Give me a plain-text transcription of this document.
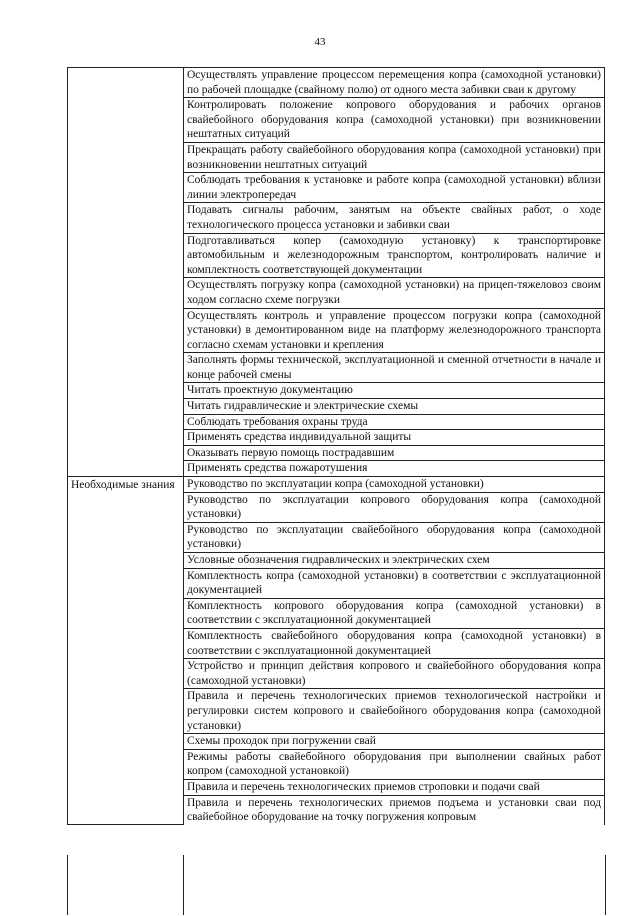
43
	Осуществлять управление процессом перемещения копра (самоходной установки) по рабочей площадке (свайному полю) от одного места забивки сваи к другому
	Контролировать положение копрового оборудования и рабочих органов свайебойного оборудования копра (самоходной установки) при возникновении нештатных ситуаций
	Прекращать работу свайебойного оборудования копра (самоходной установки) при возникновении нештатных ситуаций
	Соблюдать требования к установке и работе копра (самоходной установки) вблизи линии электропередач
	Подавать сигналы рабочим, занятым на объекте свайных работ, о ходе технологического процесса установки и забивки сваи
	Подготавливаться копер (самоходную установку) к транспортировке автомобильным и железнодорожным транспортом, контролировать наличие и комплектность соответствующей документации
	Осуществлять погрузку копра (самоходной установки) на прицеп-тяжеловоз своим ходом согласно схеме погрузки
	Осуществлять контроль и управление процессом погрузки копра (самоходной установки) в демонтированном виде на платформу железнодорожного транспорта согласно схемам установки и крепления
	Заполнять формы технической, эксплуатационной и сменной отчетности в начале и конце рабочей смены
	Читать проектную документацию
	Читать гидравлические и электрические схемы
	Соблюдать требования охраны труда
	Применять средства индивидуальной защиты
	Оказывать первую помощь пострадавшим
	Применять средства пожаротушения
Необходимые знания	Руководство по эксплуатации копра (самоходной установки)
	Руководство по эксплуатации копрового оборудования копра (самоходной установки)
	Руководство по эксплуатации свайебойного оборудования копра (самоходной установки)
	Условные обозначения гидравлических и электрических схем
	Комплектность копра (самоходной установки) в соответствии с эксплуатационной документацией
	Комплектность копрового оборудования копра (самоходной установки) в соответствии с эксплуатационной документацией
	Комплектность свайебойного оборудования копра (самоходной установки) в соответствии с эксплуатационной документацией
	Устройство и принцип действия копрового и свайебойного оборудования копра (самоходной установки)
	Правила и перечень технологических приемов технологической настройки и регулировки систем копрового и свайебойного оборудования копра (самоходной установки)
	Схемы проходок при погружении свай
	Режимы работы свайебойного оборудования при выполнении свайных работ копром (самоходной установкой)
	Правила и перечень технологических приемов строповки и подачи свай
	Правила и перечень технологических приемов подъема и установки сваи под свайебойное оборудование на точку погружения копровым
